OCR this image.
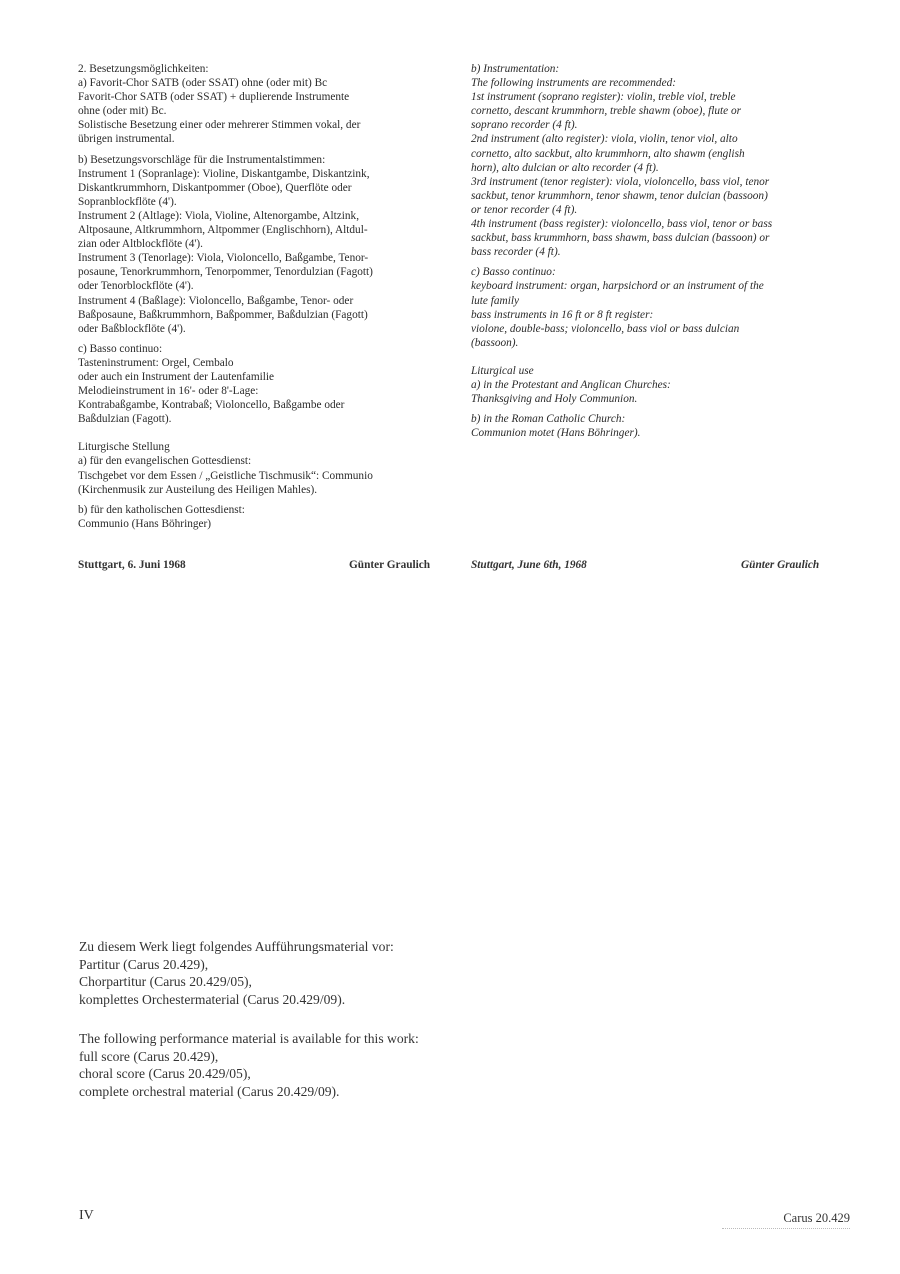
2. Besetzungsmöglichkeiten:
a) Favorit-Chor SATB (oder SSAT) ohne (oder mit) Bc
Favorit-Chor SATB (oder SSAT) + duplierende Instrumente
ohne (oder mit) Bc.
Solistische Besetzung einer oder mehrerer Stimmen vokal, der
übrigen instrumental.

b) Besetzungsvorschläge für die Instrumentalstimmen:
Instrument 1 (Sopranlage): Violine, Diskantgambe, Diskantzink,
Diskantkrummhorn, Diskantpommer (Oboe), Querflöte oder
Sopranblockflöte (4').
Instrument 2 (Altlage): Viola, Violine, Altenorgambe, Altzink,
Altposaune, Altkrummhorn, Altpommer (Englischhorn), Altdul-
zian oder Altblockflöte (4').
Instrument 3 (Tenorlage): Viola, Violoncello, Baßgambe, Tenor-
posaune, Tenorkrummhorn, Tenorpommer, Tenordulzian (Fagott)
oder Tenorblockflöte (4').
Instrument 4 (Baßlage): Violoncello, Baßgambe, Tenor- oder
Baßposaune, Baßkrummhorn, Baßpommer, Baßdulzian (Fagott)
oder Baßblockflöte (4').

c) Basso continuo:
Tasteninstrument: Orgel, Cembalo
oder auch ein Instrument der Lautenfamilie
Melodieinstrument in 16'- oder 8'-Lage:
Kontrabaßgambe, Kontrabaß; Violoncello, Baßgambe oder
Baßdulzian (Fagott).

Liturgische Stellung
a) für den evangelischen Gottesdienst:
Tischgebet vor dem Essen / „Geistliche Tischmusik“: Communio
(Kirchenmusik zur Austeilung des Heiligen Mahles).

b) für den katholischen Gottesdienst:
Communio (Hans Böhringer)

b) Instrumentation:
The following instruments are recommended:
1st instrument (soprano register): violin, treble viol, treble
cornetto, descant krummhorn, treble shawm (oboe), flute or
soprano recorder (4 ft).
2nd instrument (alto register): viola, violin, tenor viol, alto
cornetto, alto sackbut, alto krummhorn, alto shawm (english
horn), alto dulcian or alto recorder (4 ft).
3rd instrument (tenor register): viola, violoncello, bass viol, tenor
sackbut, tenor krummhorn, tenor shawm, tenor dulcian (bassoon)
or tenor recorder (4 ft).
4th instrument (bass register): violoncello, bass viol, tenor or bass
sackbut, bass krummhorn, bass shawm, bass dulcian (bassoon) or
bass recorder (4 ft).

c) Basso continuo:
keyboard instrument: organ, harpsichord or an instrument of the
lute family
bass instruments in 16 ft or 8 ft register:
violone, double-bass; violoncello, bass viol or bass dulcian
(bassoon).

Liturgical use
a) in the Protestant and Anglican Churches:
Thanksgiving and Holy Communion.

b) in the Roman Catholic Church:
Communion motet (Hans Böhringer).

Stuttgart, 6. Juni 1968	Günter Graulich	Stuttgart, June 6th, 1968	Günter Graulich
Zu diesem Werk liegt folgendes Aufführungsmaterial vor:
Partitur (Carus 20.429),
Chorpartitur (Carus 20.429/05),
komplettes Orchestermaterial (Carus 20.429/09).
The following performance material is available for this work:
full score (Carus 20.429),
choral score (Carus 20.429/05),
complete orchestral material (Carus 20.429/09).
IV	Carus 20.429
